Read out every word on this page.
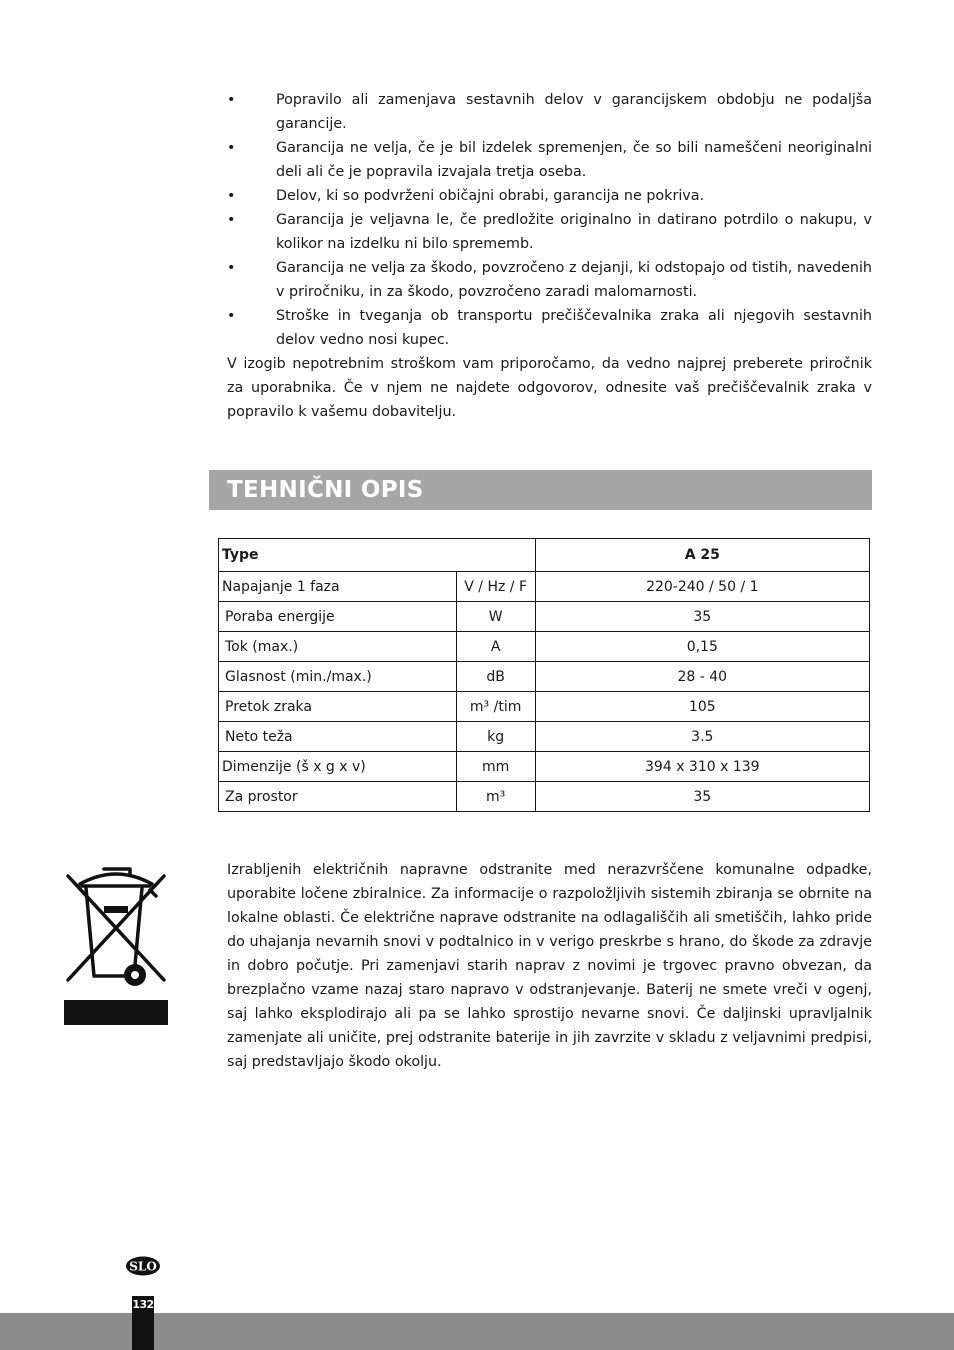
•	Popravilo ali zamenjava sestavnih delov v garancijskem obdobju ne podaljša garancije.
•	Garancija ne velja, če je bil izdelek spremenjen, če so bili nameščeni neoriginalni deli ali če je popravila izvajala tretja oseba.
•	Delov, ki so podvrženi običajni obrabi, garancija ne pokriva.
•	Garancija je veljavna le, če predložite originalno in datirano potrdilo o nakupu, v kolikor na izdelku ni bilo sprememb.
•	Garancija ne velja za škodo, povzročeno z dejanji, ki odstopajo od tistih, navedenih v priročniku, in za škodo, povzročeno zaradi malomarnosti.
•	Stroške in tveganja ob transportu prečiščevalnika zraka ali njegovih sestavnih delov vedno nosi kupec.

V izogib nepotrebnim stroškom vam priporočamo, da vedno najprej preberete priročnik za uporabnika. Če v njem ne najdete odgovorov, odnesite vaš prečiščevalnik zraka v popravilo k vašemu dobavitelju.

TEHNIČNI OPIS
Type		A 25
Napajanje 1 faza	V / Hz / F	220-240 / 50 / 1
Poraba energije	W	35
Tok (max.)	A	0,15
Glasnost (min./max.)	dB	28 - 40
Pretok zraka	m³ /tim	105
Neto teža	kg	3.5
Dimenzije (š x g x v)	mm	394 x 310 x 139
Za prostor	m³	35

Izrabljenih električnih napravne odstranite med nerazvrščene komunalne odpadke, uporabite ločene zbiralnice. Za informacije o razpoložljivih sistemih zbiranja se obrnite na lokalne oblasti. Če električne naprave odstranite na odlagališčih ali smetiščih, lahko pride do uhajanja nevarnih snovi v podtalnico in v verigo preskrbe s hrano, do škode za zdravje in dobro počutje. Pri zamenjavi starih naprav z novimi je trgovec pravno obvezan, da brezplačno vzame nazaj staro napravo v odstranjevanje. Baterij ne smete vreči v ogenj, saj lahko eksplodirajo ali pa se lahko sprostijo nevarne snovi. Če daljinski upravljalnik zamenjate ali uničite, prej odstranite baterije in jih zavrzite v skladu z veljavnimi predpisi, saj predstavljajo škodo okolju.

SLO
132
